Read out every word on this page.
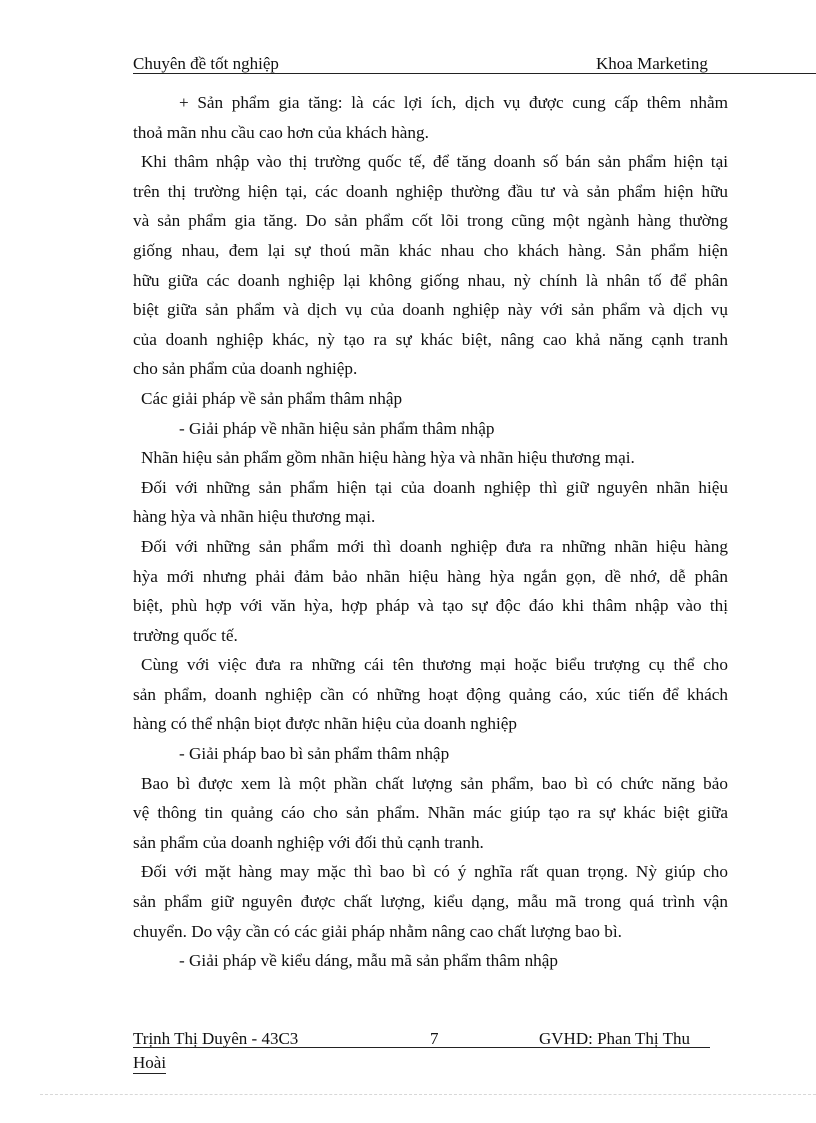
Chuyên đề tốt nghiệp	Khoa Marketing
+ Sản phẩm gia tăng: là các lợi ích, dịch vụ được cung cấp thêm nhằm
thoả mãn nhu cầu cao hơn của khách hàng.
Khi thâm nhập vào thị trường quốc tế, để tăng doanh số bán sản phẩm hiện tại
trên thị trường hiện tại, các doanh nghiệp thường đầu tư và sản phẩm hiện hữu
và sản phẩm gia tăng. Do sản phẩm cốt lõi trong cũng một ngành hàng thường
giống nhau, đem lại sự thoú mãn khác nhau cho khách hàng. Sản phẩm hiện
hữu giữa các doanh nghiệp lại không giống nhau, nỳ chính là nhân tố để phân
biệt giữa sản phẩm và dịch vụ của doanh nghiệp này với sản phẩm và dịch vụ
của doanh nghiệp khác, nỳ tạo ra sự khác biệt, nâng cao khả năng cạnh tranh
cho sản phẩm của doanh nghiệp.
Các giải pháp về sản phẩm thâm nhập
- Giải pháp về nhãn hiệu sản phẩm thâm nhập
Nhãn hiệu sản phẩm gồm nhãn hiệu hàng hỳa và nhãn hiệu thương mại.
Đối với những sản phẩm hiện tại của doanh nghiệp thì giữ nguyên nhãn hiệu
hàng hỳa và nhãn hiệu thương mại.
Đối với những sản phẩm mới thì doanh nghiệp đưa ra những nhãn hiệu hàng
hỳa mới nhưng phải đảm bảo nhãn hiệu hàng hỳa ngắn gọn, dề nhớ, dễ phân
biệt, phù hợp với văn hỳa, hợp pháp và tạo sự độc đáo khi thâm nhập vào thị
trường quốc tế.
Cùng với việc đưa ra những cái tên thương mại hoặc biểu trượng cụ thể cho
sản phẩm, doanh nghiệp cần có những hoạt động quảng cáo, xúc tiến để khách
hàng có thể nhận biọt được nhãn hiệu của doanh nghiệp
- Giải pháp bao bì sản phẩm thâm nhập
Bao bì được xem là một phần chất lượng sản phẩm, bao bì có chức năng bảo
vệ thông tin quảng cáo cho sản phẩm. Nhãn mác giúp tạo ra sự khác biệt giữa
sản phẩm của doanh nghiệp với đối thủ cạnh tranh.
Đối với mặt hàng may mặc thì bao bì có ý nghĩa rất quan trọng. Nỳ giúp cho
sản phẩm giữ nguyên được chất lượng, kiểu dạng, mẫu mã trong quá trình vận
chuyển. Do vậy cần có các giải pháp nhằm nâng cao chất lượng bao bì.
- Giải pháp về kiểu dáng, mẫu mã sản phẩm thâm nhập
Trịnh Thị Duyên - 43C3	7	GVHD: Phan Thị Thu
Hoài
